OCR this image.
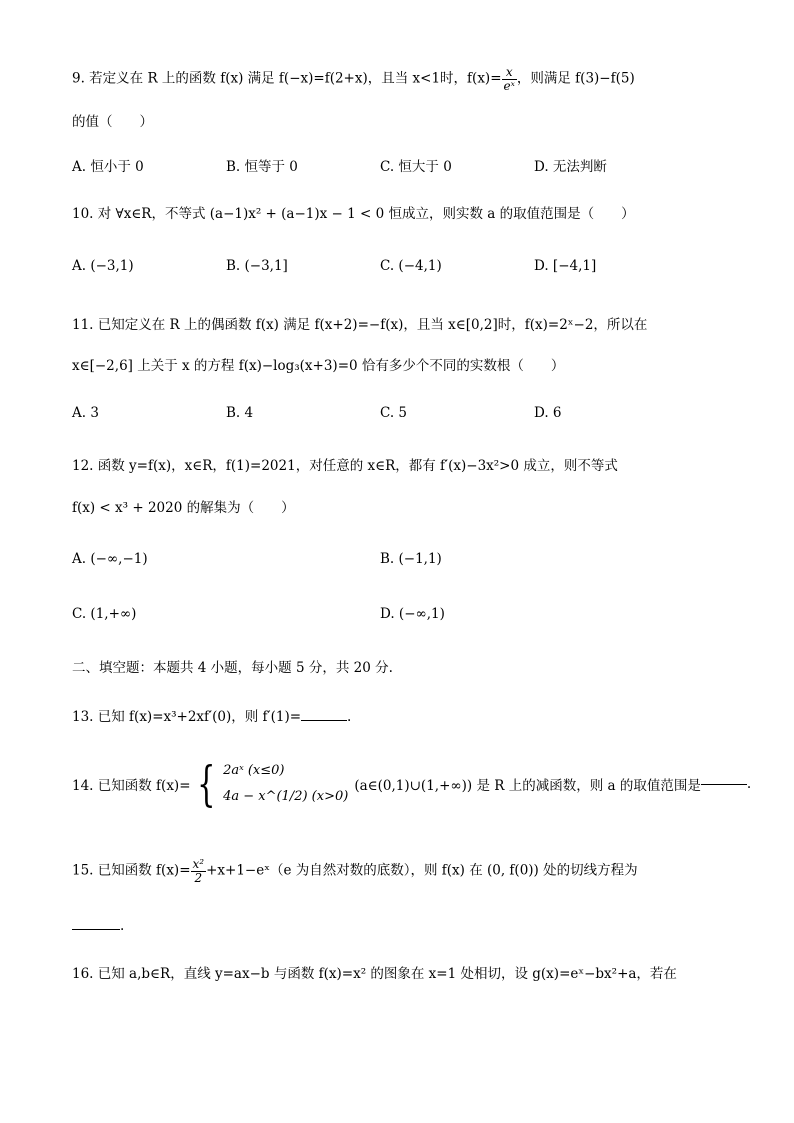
9. 若定义在 R 上的函数 f(x) 满足 f(−x)=f(2+x)，且当 x<1时，$f(x)= \frac{x}{\text{eˣ}}$ ，则满足 f(3)−f(5)
的值（　　）
A. 恒小于 0	B. 恒等于 0	C. 恒大于 0	D. 无法判断
10. 对 ∀x∈R，不等式 (a−1)x² + (a−1)x − 1 < 0 恒成立，则实数 a 的取值范围是（　　）
A. (−3,1)	B. (−3,1]	C. (−4,1)	D. [−4,1]
11. 已知定义在 R 上的偶函数 f(x) 满足 f(x+2)=−f(x)，且当 x∈[0,2]时，f(x)=2ˣ−2，所以在
x∈[−2,6] 上关于 x 的方程 f(x)−log₃(x+3)=0 恰有多少个不同的实数根（　　）
A. 3	B. 4	C. 5	D. 6
12. 函数 y=f(x)，x∈R，f(1)=2021，对任意的 x∈R，都有 f′(x)−3x²>0 成立，则不等式
f(x) < x³ + 2020 的解集为（　　）
A. (−∞,−1)	B. (−1,1)
C. (1,+∞)	D. (−∞,1)
二、填空题：本题共 4 小题，每小题 5 分，共 20 分.
13. 已知 f(x)=x³+2xf′(0)，则 f′(1)=	.
14. 已知函数 f(x)= { 2aˣ (x≤0)
4a − x^(1/2) (x>0)
(a∈(0,1)∪(1,+∞)) 是 R 上的减函数，则 a 的取值范围是	.
15. 已知函数 $f(x)= \frac{\text{x²}}{2}$ +x+1−eˣ（e 为自然对数的底数），则 f(x) 在 (0, f(0)) 处的切线方程为
.
16. 已知 a,b∈R，直线 y=ax−b 与函数 f(x)=x² 的图象在 x=1 处相切，设 g(x)=eˣ−bx²+a，若在
